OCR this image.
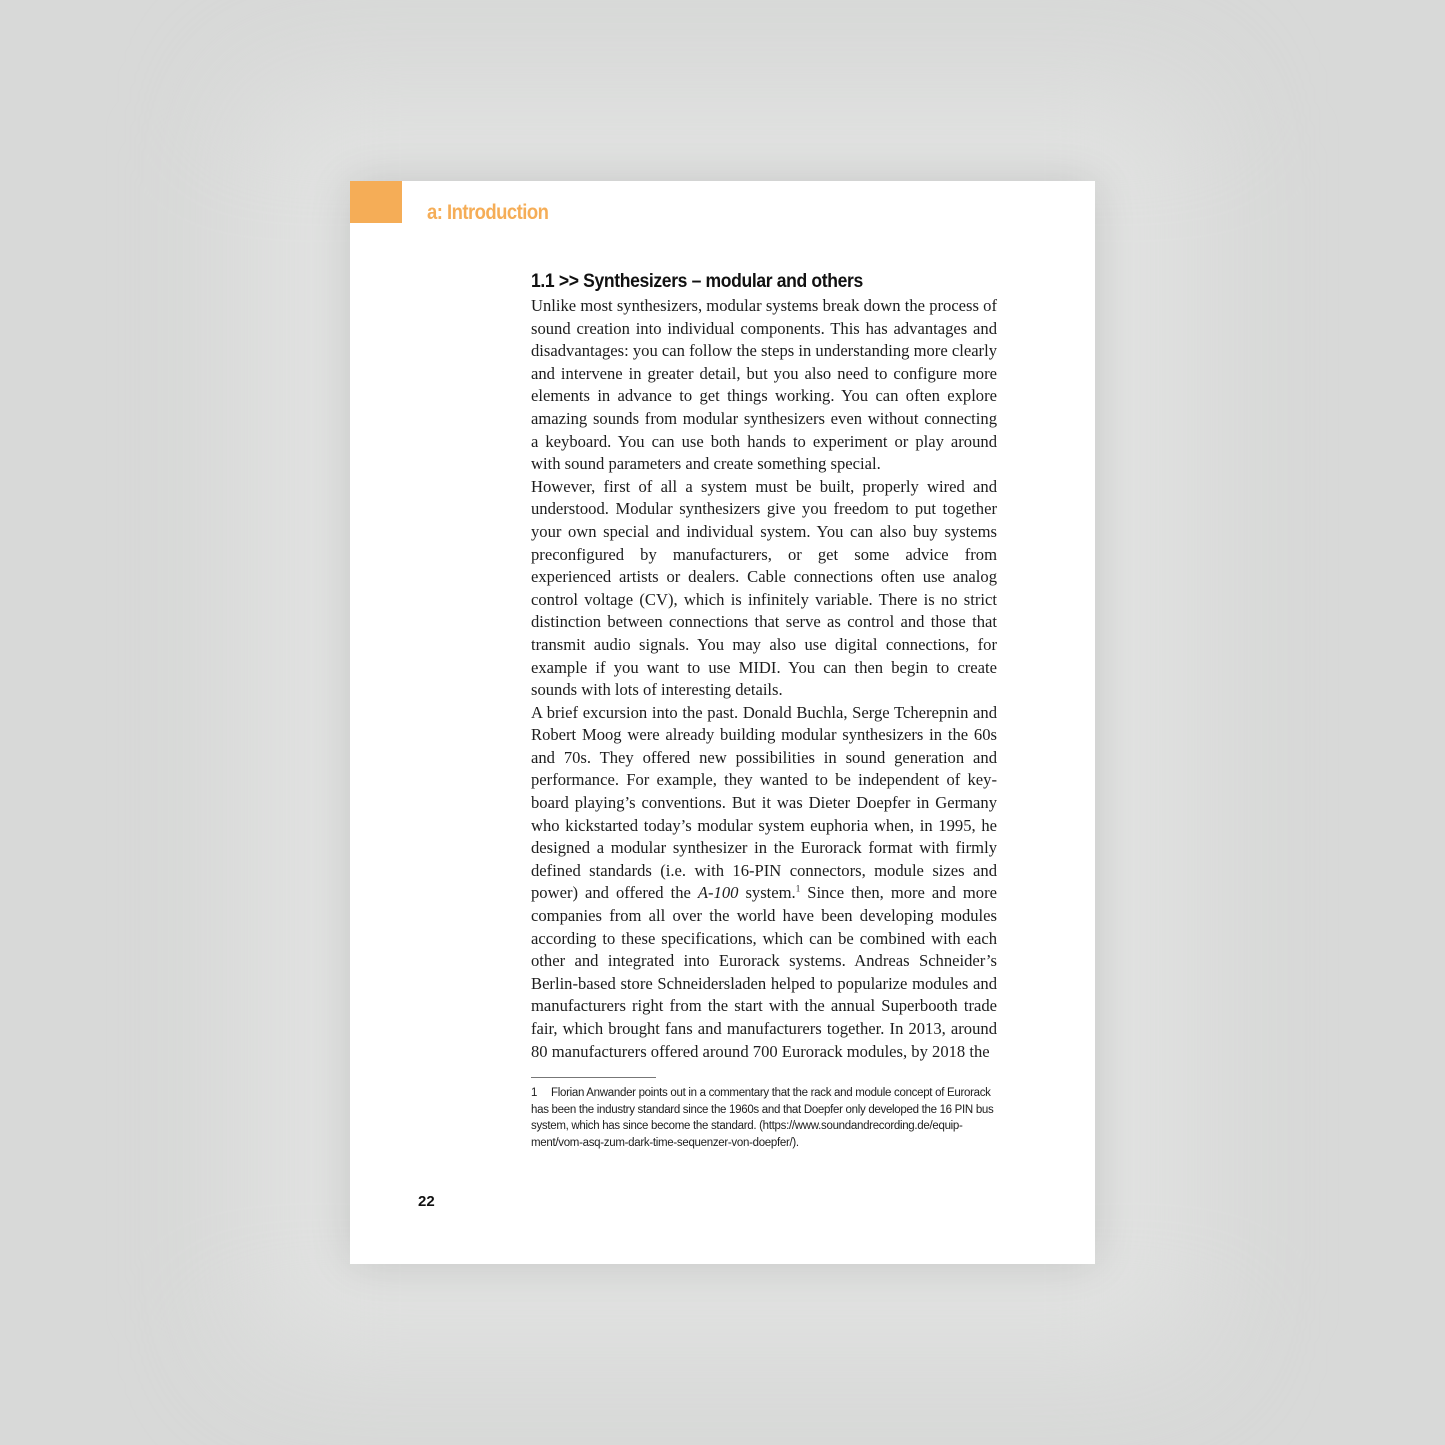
a: Introduction
1.1 >> Synthesizers – modular and others

Unlike most synthesizers, modular systems break down the process of sound creation into individual components. This has advantages and disadvantages: you can follow the steps in understanding more clearly and intervene in greater detail, but you also need to configure more elements in advance to get things working. You can often explore amazing sounds from modular synthesizers even without connecting a keyboard. You can use both hands to experiment or play around with sound parameters and create something special.

However, first of all a system must be built, properly wired and understood. Modular synthesizers give you freedom to put together your own special and individual system. You can also buy systems preconfigured by manufacturers, or get some advice from experienced artists or dealers. Cable connections often use analog control voltage (CV), which is infinitely variable. There is no strict distinction between connections that serve as control and those that transmit audio signals. You may also use digital connections, for example if you want to use MIDI. You can then begin to create sounds with lots of interesting details.

A brief excursion into the past. Donald Buchla, Serge Tcherepnin and Robert Moog were already building modular synthesizers in the 60s and 70s. They offered new possibilities in sound generation and performance. For example, they wanted to be independent of keyboard playing’s conventions. But it was Dieter Doepfer in Germany who kickstarted today’s modular system euphoria when, in 1995, he designed a modular synthesizer in the Eurorack format with firmly defined standards (i.e. with 16-PIN connectors, module sizes and power) and offered the A-100 system.$^1$ Since then, more and more companies from all over the world have been developing modules according to these specifications, which can be combined with each other and integrated into Eurorack systems. Andreas Schneider’s Berlin-based store Schneidersladen helped to popularize modules and manufacturers right from the start with the annual Superbooth trade fair, which brought fans and manufacturers together. In 2013, around 80 manufacturers offered around 700 Eurorack modules, by 2018 the

1 Florian Anwander points out in a commentary that the rack and module concept of Eurorack has been the industry standard since the 1960s and that Doepfer only developed the 16 PIN bus system, which has since become the standard. (https://www.soundandrecording.de/equipment/vom-asq-zum-dark-time-sequenzer-von-doepfer/).
22
